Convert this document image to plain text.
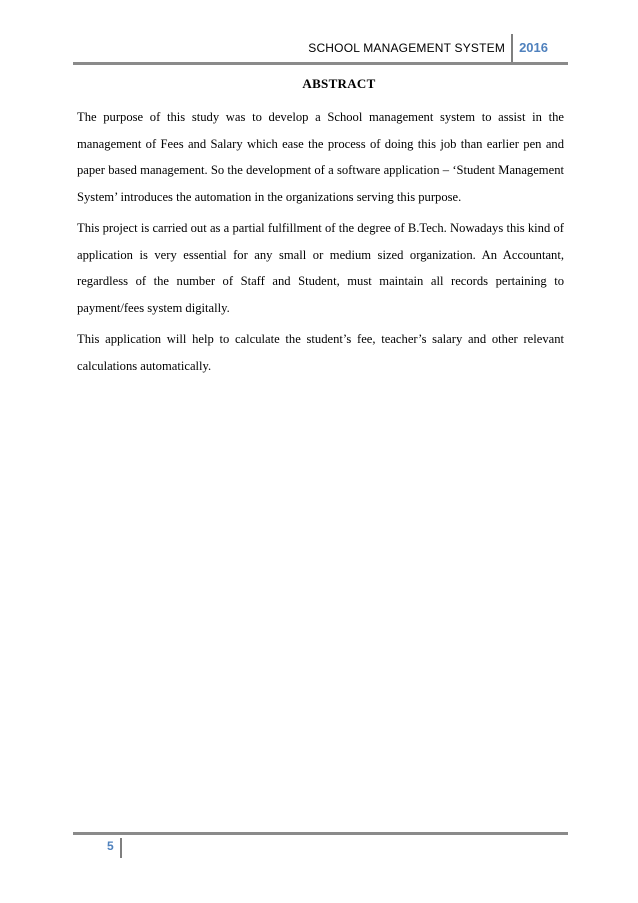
SCHOOL MANAGEMENT SYSTEM	2016
ABSTRACT

The purpose of this study was to develop a School management system to assist in the management of Fees and Salary which ease the process of doing this job than earlier pen and paper based management. So the development of a software application – ‘Student Management System’ introduces the automation in the organizations serving this purpose.

This project is carried out as a partial fulfillment of the degree of B.Tech. Nowadays this kind of application is very essential for any small or medium sized organization. An Accountant, regardless of the number of Staff and Student, must maintain all records pertaining to payment/fees system digitally.

This application will help to calculate the student’s fee, teacher’s salary and other relevant calculations automatically.

5
